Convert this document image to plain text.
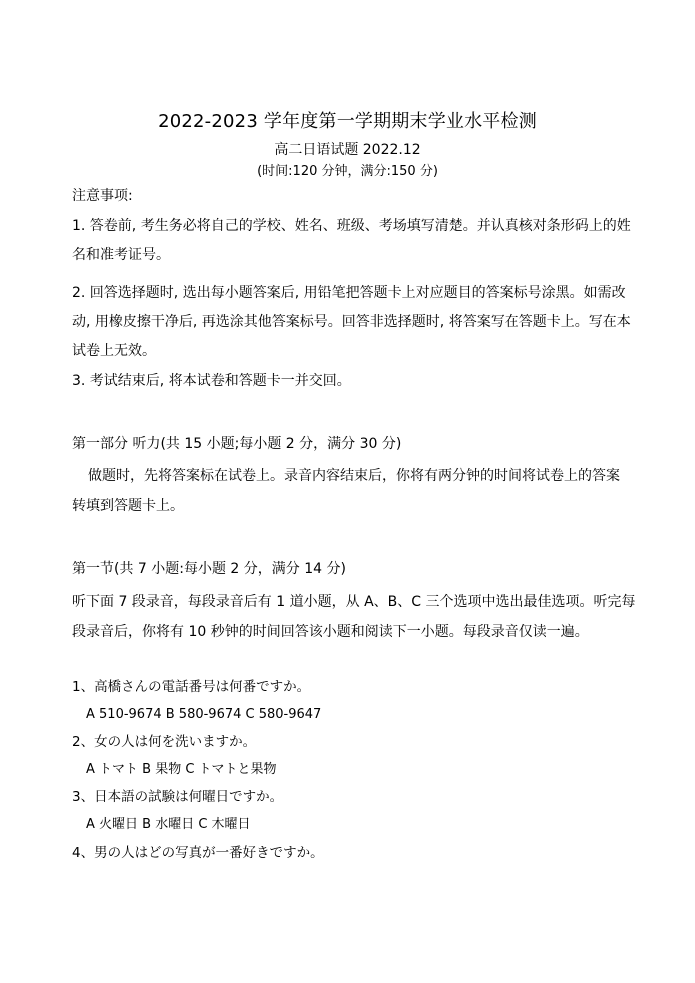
2022-2023 学年度第一学期期末学业水平检测
高二日语试题 2022.12
(时间:120 分钟，满分:150 分)
注意事项:
1. 答卷前, 考生务必将自己的学校、姓名、班级、考场填写清楚。并认真核对条形码上的姓
名和准考证号。
2. 回答选择题时, 选出每小题答案后, 用铅笔把答题卡上对应题目的答案标号涂黑。如需改
动, 用橡皮擦干净后, 再选涂其他答案标号。回答非选择题时, 将答案写在答题卡上。写在本
试卷上无效。
3. 考试结束后, 将本试卷和答题卡一并交回。
第一部分 听力(共 15 小题;每小题 2 分，满分 30 分)
做题时，先将答案标在试卷上。录音内容结束后，你将有两分钟的时间将试卷上的答案
转填到答题卡上。
第一节(共 7 小题:每小题 2 分，满分 14 分)
听下面 7 段录音，每段录音后有 1 道小题，从 A、B、C 三个选项中选出最佳选项。听完每
段录音后，你将有 10 秒钟的时间回答该小题和阅读下一小题。每段录音仅读一遍。
1、高橋さんの電話番号は何番ですか。
A 510-9674 B 580-9674 C 580-9647
2、女の人は何を洗いますか。
A トマト B 果物 C トマトと果物
3、日本語の試験は何曜日ですか。
A 火曜日 B 水曜日 C 木曜日
4、男の人はどの写真が一番好きですか。
